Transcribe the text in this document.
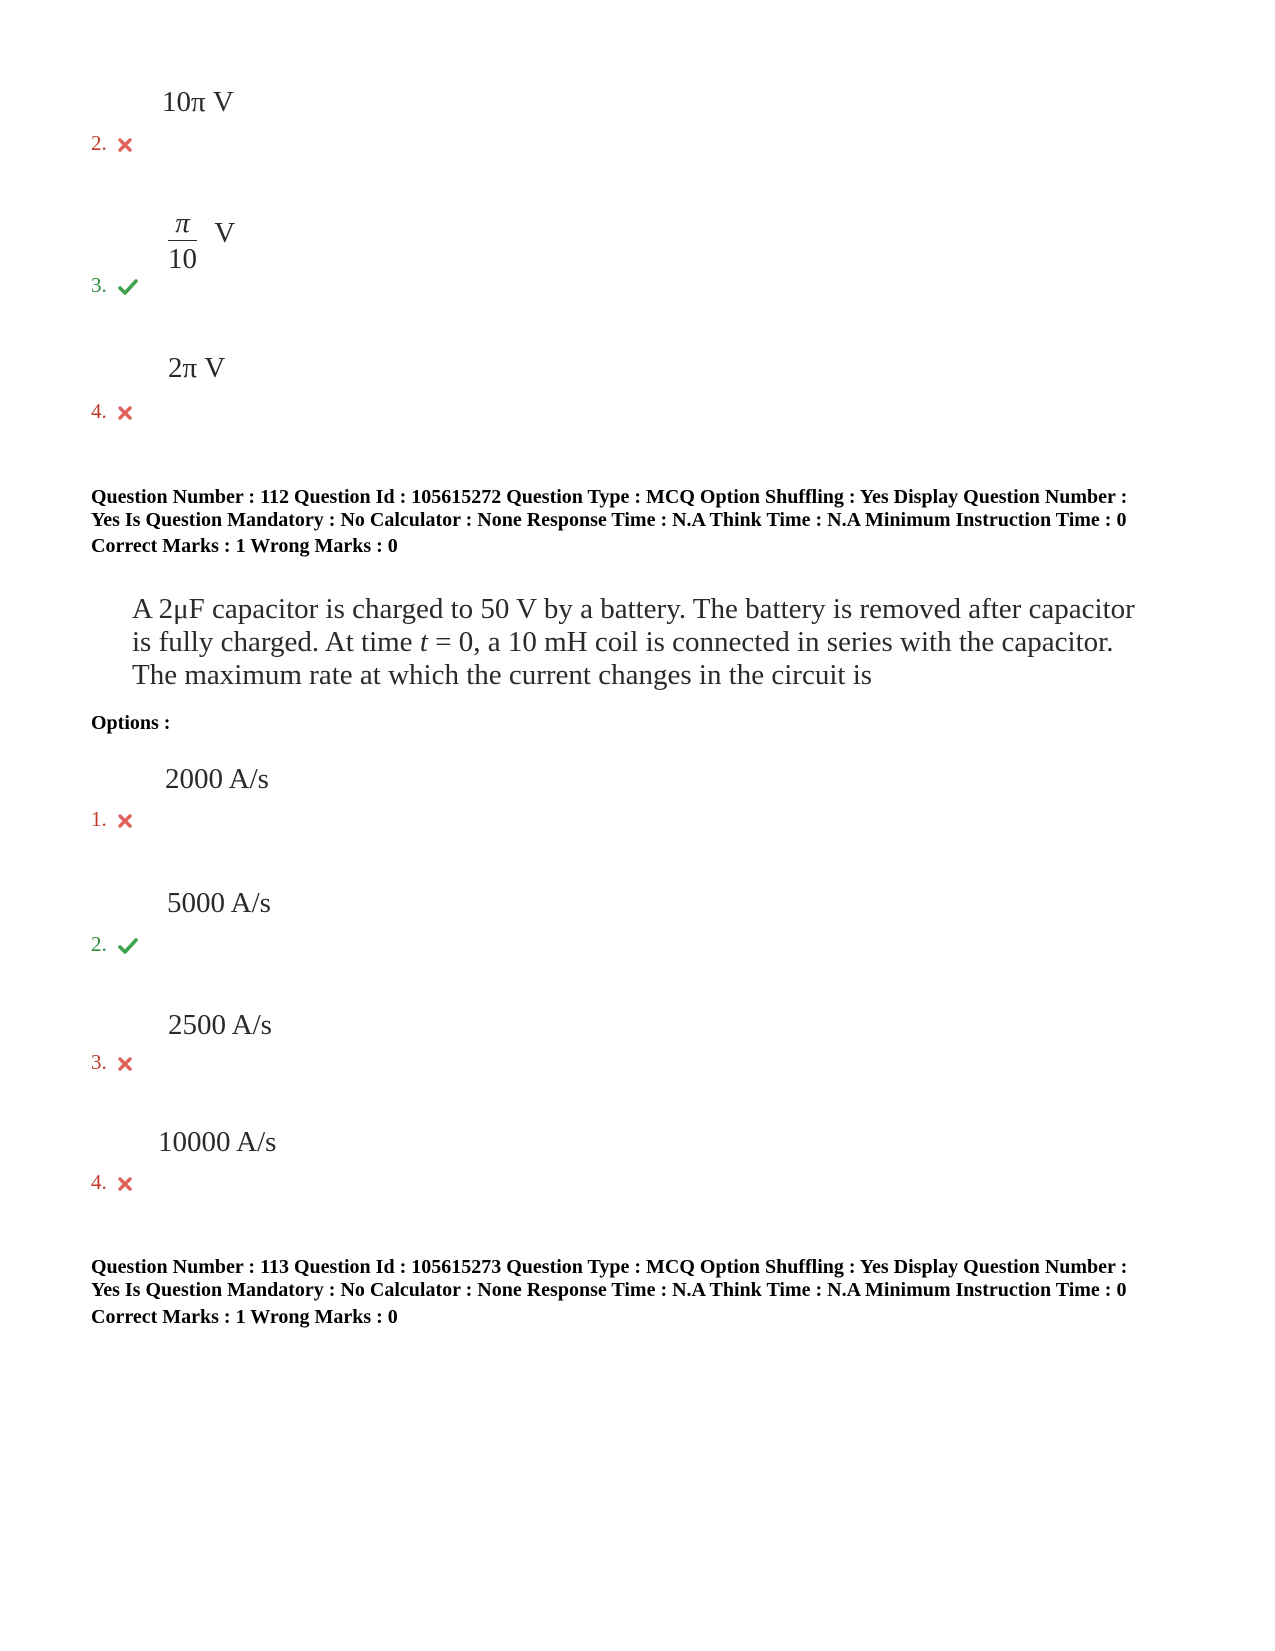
10π V
2.
$\frac{\pi}{10}$ V
3.
2π V
4.
Question Number : 112 Question Id : 105615272 Question Type : MCQ Option Shuffling : Yes Display Question Number :
Yes Is Question Mandatory : No Calculator : None Response Time : N.A Think Time : N.A Minimum Instruction Time : 0
Correct Marks : 1 Wrong Marks : 0
A 2μF capacitor is charged to 50 V by a battery. The battery is removed after capacitor
is fully charged. At time t = 0, a 10 mH coil is connected in series with the capacitor.
The maximum rate at which the current changes in the circuit is
Options :
2000 A/s
1.
5000 A/s
2.
2500 A/s
3.
10000 A/s
4.
Question Number : 113 Question Id : 105615273 Question Type : MCQ Option Shuffling : Yes Display Question Number :
Yes Is Question Mandatory : No Calculator : None Response Time : N.A Think Time : N.A Minimum Instruction Time : 0
Correct Marks : 1 Wrong Marks : 0
